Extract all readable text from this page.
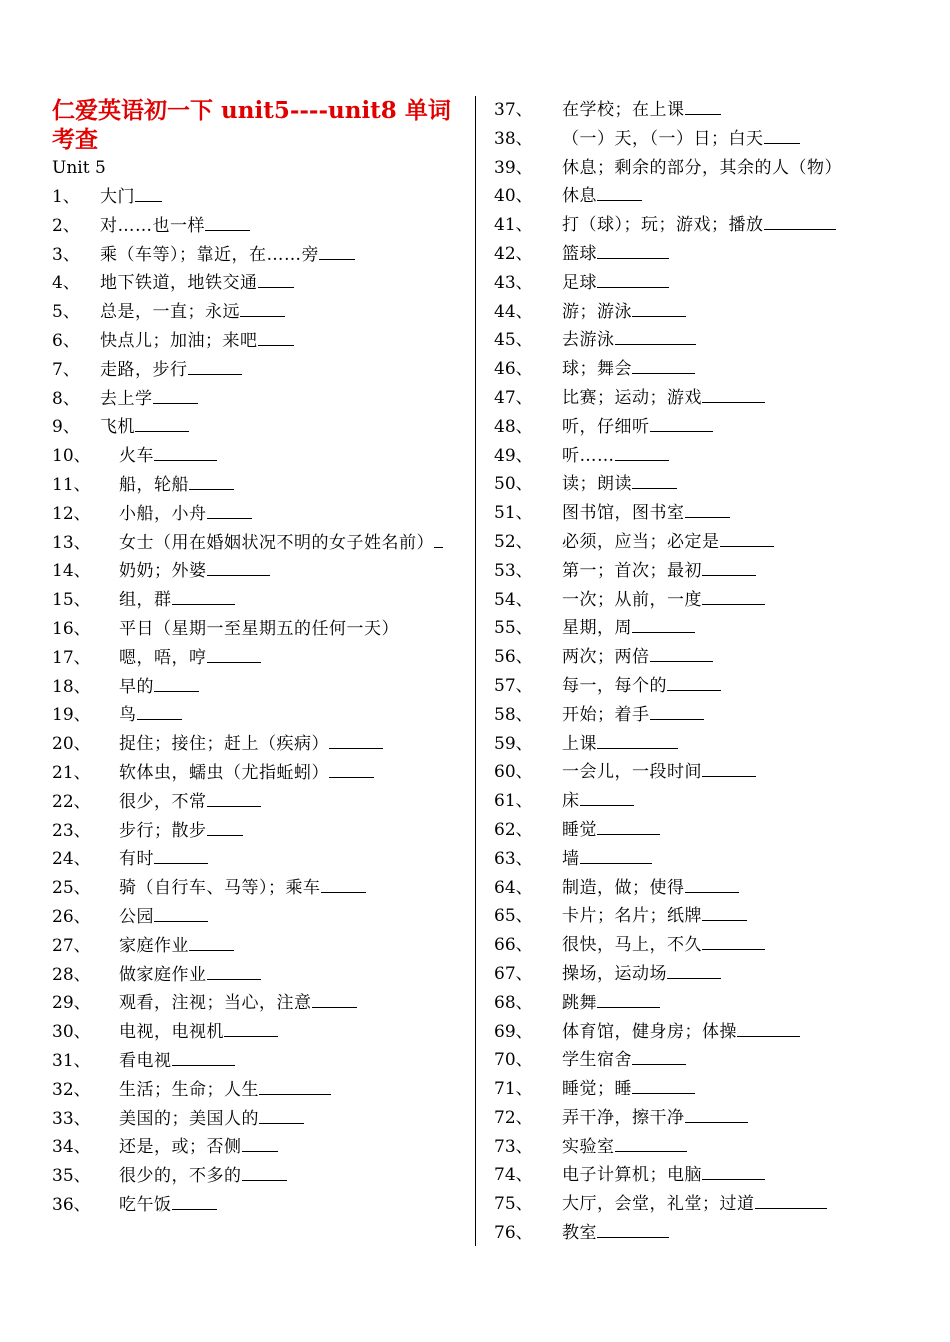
仁爱英语初一下 unit5----unit8 单词考查
Unit 5
1、	大门
2、	对……也一样
3、	乘（车等）；靠近，在……旁
4、	地下铁道，地铁交通
5、	总是，一直；永远
6、	快点儿；加油；来吧
7、	走路，步行
8、	去上学
9、	飞机
10、	火车
11、	船，轮船
12、	小船，小舟
13、	女士（用在婚姻状况不明的女子姓名前）
14、	奶奶；外婆
15、	组，群
16、	平日（星期一至星期五的任何一天）
17、	嗯，唔，哼
18、	早的
19、	鸟
20、	捉住；接住；赶上（疾病）
21、	软体虫，蠕虫（尤指蚯蚓）
22、	很少，不常
23、	步行；散步
24、	有时
25、	骑（自行车、马等）；乘车
26、	公园
27、	家庭作业
28、	做家庭作业
29、	观看，注视；当心，注意
30、	电视，电视机
31、	看电视
32、	生活；生命；人生
33、	美国的；美国人的
34、	还是，或；否侧
35、	很少的，不多的
36、	吃午饭
37、	在学校；在上课
38、	（一）天，（一）日；白天
39、	休息；剩余的部分，其余的人（物）
40、	休息
41、	打（球）；玩；游戏；播放
42、	篮球
43、	足球
44、	游；游泳
45、	去游泳
46、	球；舞会
47、	比赛；运动；游戏
48、	听，仔细听
49、	听……
50、	读；朗读
51、	图书馆，图书室
52、	必须，应当；必定是
53、	第一；首次；最初
54、	一次；从前，一度
55、	星期，周
56、	两次；两倍
57、	每一，每个的
58、	开始；着手
59、	上课
60、	一会儿，一段时间
61、	床
62、	睡觉
63、	墙
64、	制造，做；使得
65、	卡片；名片；纸牌
66、	很快，马上，不久
67、	操场，运动场
68、	跳舞
69、	体育馆，健身房；体操
70、	学生宿舍
71、	睡觉；睡
72、	弄干净，擦干净
73、	实验室
74、	电子计算机；电脑
75、	大厅，会堂，礼堂；过道
76、	教室
